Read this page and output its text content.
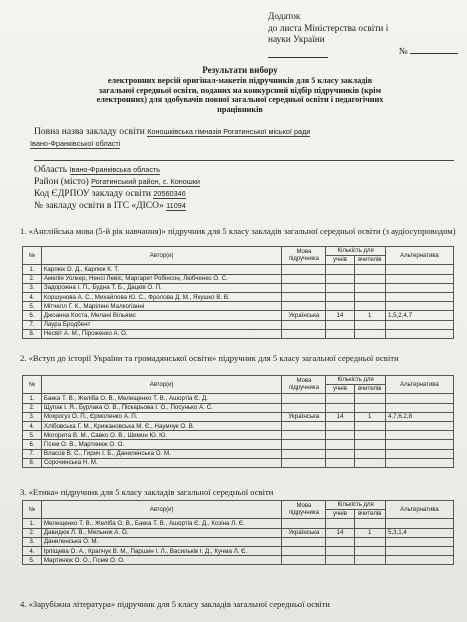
Додаток
до листа Міністерства освіти і
науки України
№
Результати вибору
електронних версій оригінал-макетів підручників для 5 класу закладів
загальної середньої освіти, поданих на конкурсний відбір підручників (крім
електронних) для здобувачів повної загальної середньої освіти і педагогічних
працівників
Повна назва закладу освіти Коношківська гімназія Рогатинської міської ради
Івано-Франківської області
Область Івано-Франківська область
Район (місто) Рогатинський район, с. Коношки
Код ЄДРПОУ закладу освіти 20560346
№ закладу освіти в ІТС «ДІСО» 11094
1. «Англійська мова (5-й рік навчання)» підручник для 5 класу закладів загальної середньої освіти (з аудіосупроводом)
№	Автор(и)	Мова підручника	Кількість для		Альтернатива
			учнів	вчителів	
1.	Карпюк О. Д., Карпюк К. Т.				
2.	Амелія Уолкер, Ненсі Левіс, Маргарет Робінсон, Любченко О. С.				
3.	Задорожна І. П., Будна Т. Б., Дацків О. П.				
4.	Коршунова А. С., Михайлова Ю. С., Фролова Д. М., Якушко В. В.				
5.	Мітчелл Г. К., Марілені Малкогіанні				
6.	Джоанна Коста, Мелані Вільямс	Українська	14	1	1,5,2,4,7
7.	Лаура Бродбент				
8.	Несвіт А. М., Піроженко А. О.				
2. «Вступ до історії України та громадянської освіти» підручник для 5 класу загальної середньої освіти
№	Автор(и)	Мова підручника	Кількість для		Альтернатива
			учнів	вчителів	
1.	Бакка Т. В., Желіба О. В., Мелещенко Т. В., Ашортіа Є. Д.				
2.	Щупак І. Я., Бурлака О. В., Піскарьова І. О., Посунько А. С.				
3.	Мокрогуз О. П., Єрмоленко А. П.	Українська	14	1	4,7,6,2,8
4.	Хлібовська Г. М., Крижановська М. Є., Наумчук О. В.				
5.	Могорита В. М., Савко О. В., Шимон Ю. Ю.				
6.	Гісем О. В., Мартинюк О. О.				
7.	Власов В. С., Гирич І. Б., Даниленська О. М.				
8.	Сорочинська Н. М.				
3. «Етика» підручник для 5 класу закладів загальної середньої освіти
№	Автор(и)	Мова підручника	Кількість для		Альтернатива
			учнів	вчителів	
1.	Мелещенко Т. В., Желіба О. В., Бакка Т. В., Ашортіа Є. Д., Козіна Л. Є.				
2.	Давидюк Л. В., Мельник А. О.	Українська	14	1	5,3,1,4
3.	Даниленська О. М.				
4.	Ірпіщева О. А., Крапчук В. М., Паршин І. Л., Васильків І. Д., Кучма Л. Є.				
5.	Мартинюк О. О., Гісем О. О.				
4. «Зарубіжна література» підручник для 5 класу закладів загальної середньої освіти
